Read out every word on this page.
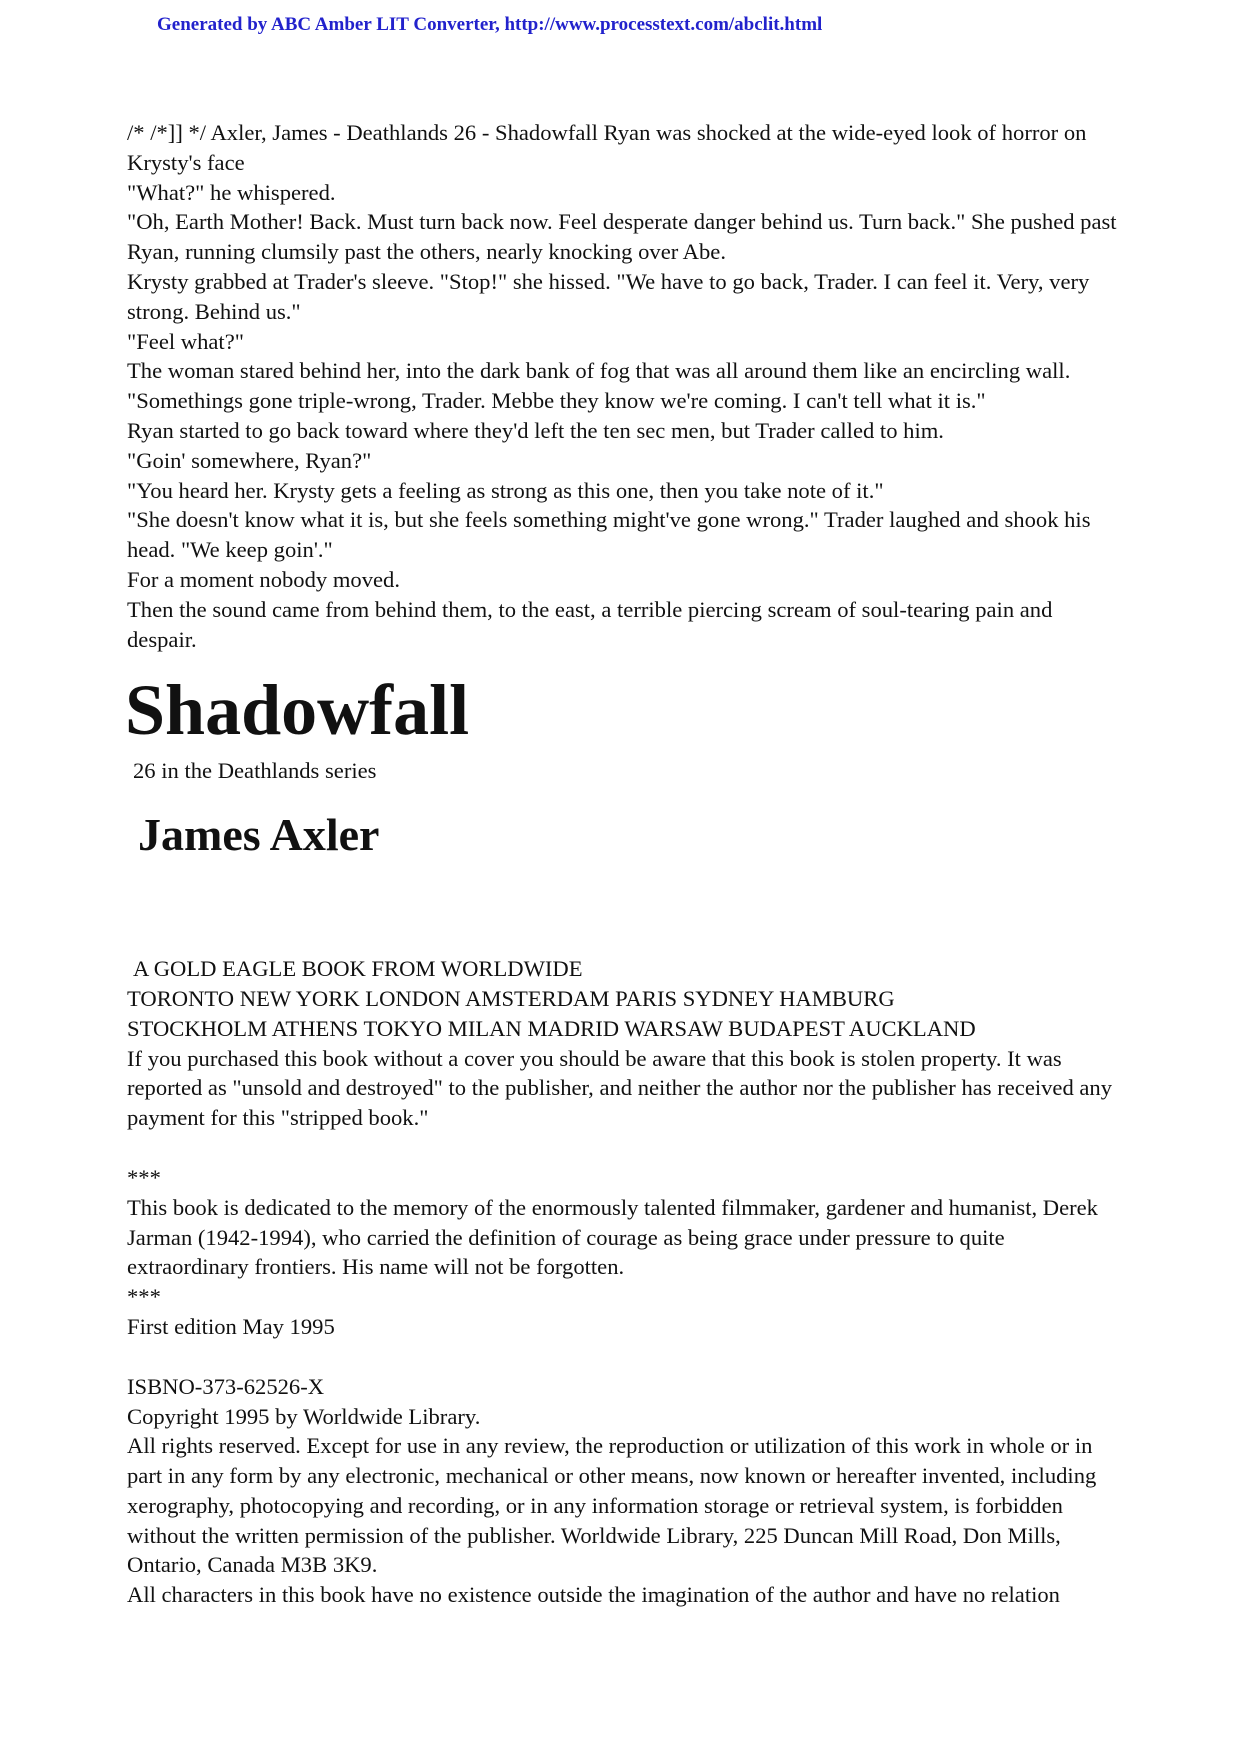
Generated by ABC Amber LIT Converter, http://www.processtext.com/abclit.html

/* /*]] */ Axler, James - Deathlands 26 - Shadowfall Ryan was shocked at the wide-eyed look of horror on Krysty's face

"What?" he whispered.

"Oh, Earth Mother! Back. Must turn back now. Feel desperate danger behind us. Turn back." She pushed past Ryan, running clumsily past the others, nearly knocking over Abe.

Krysty grabbed at Trader's sleeve. "Stop!" she hissed. "We have to go back, Trader. I can feel it. Very, very strong. Behind us."

"Feel what?"

The woman stared behind her, into the dark bank of fog that was all around them like an encircling wall.

"Somethings gone triple-wrong, Trader. Mebbe they know we're coming. I can't tell what it is."

Ryan started to go back toward where they'd left the ten sec men, but Trader called to him.

"Goin' somewhere, Ryan?"

"You heard her. Krysty gets a feeling as strong as this one, then you take note of it."

"She doesn't know what it is, but she feels something might've gone wrong." Trader laughed and shook his head. "We keep goin'."

For a moment nobody moved.

Then the sound came from behind them, to the east, a terrible piercing scream of soul-tearing pain and despair.

Shadowfall
26 in the Deathlands series
James Axler

A GOLD EAGLE BOOK FROM WORLDWIDE

TORONTO NEW YORK LONDON AMSTERDAM PARIS SYDNEY HAMBURG

STOCKHOLM ATHENS TOKYO MILAN MADRID WARSAW BUDAPEST AUCKLAND

If you purchased this book without a cover you should be aware that this book is stolen property. It was reported as "unsold and destroyed" to the publisher, and neither the author nor the publisher has received any payment for this "stripped book."

***

This book is dedicated to the memory of the enormously talented filmmaker, gardener and humanist, Derek Jarman (1942-1994), who carried the definition of courage as being grace under pressure to quite extraordinary frontiers. His name will not be forgotten.

***

First edition May 1995

ISBNO-373-62526-X

Copyright 1995 by Worldwide Library.

All rights reserved. Except for use in any review, the reproduction or utilization of this work in whole or in part in any form by any electronic, mechanical or other means, now known or hereafter invented, including xerography, photocopying and recording, or in any information storage or retrieval system, is forbidden without the written permission of the publisher. Worldwide Library, 225 Duncan Mill Road, Don Mills, Ontario, Canada M3B 3K9.

All characters in this book have no existence outside the imagination of the author and have no relation
